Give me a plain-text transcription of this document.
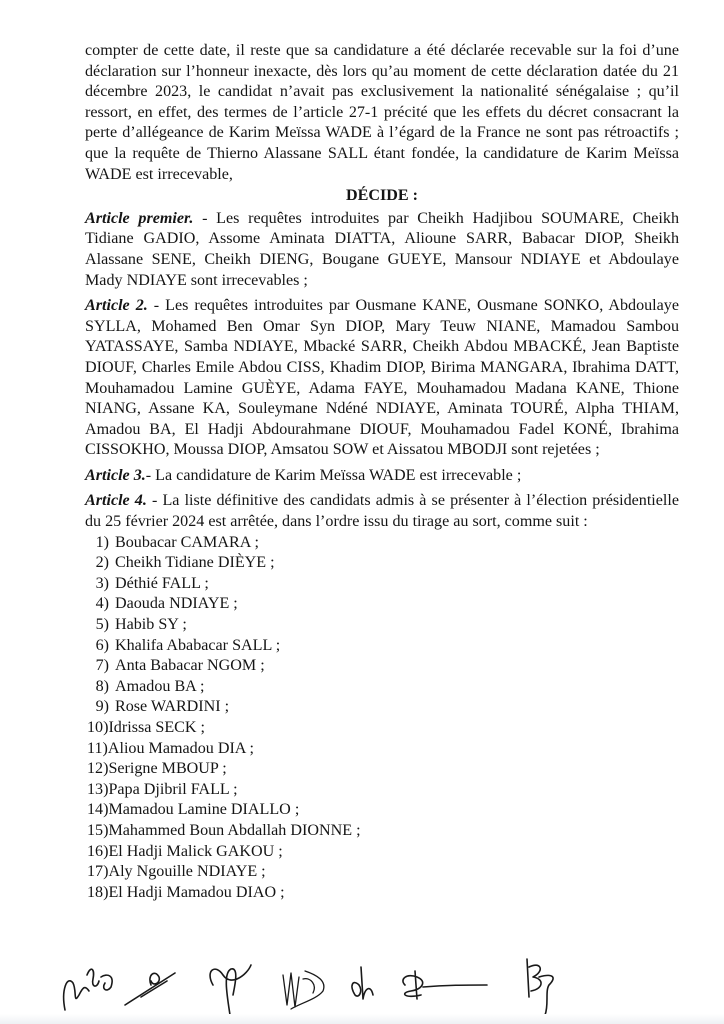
compter de cette date, il reste que sa candidature a été déclarée recevable sur la foi d’une déclaration sur l’honneur inexacte, dès lors qu’au moment de cette déclaration datée du 21 décembre 2023, le candidat n’avait pas exclusivement la nationalité sénégalaise ; qu’il ressort, en effet, des termes de l’article 27-1 précité que les effets du décret consacrant la perte d’allégeance de Karim Meïssa WADE à l’égard de la France ne sont pas rétroactifs ; que la requête de Thierno Alassane SALL étant fondée, la candidature de Karim Meïssa WADE est irrecevable,

DÉCIDE :

Article premier. - Les requêtes introduites par Cheikh Hadjibou SOUMARE, Cheikh Tidiane GADIO, Assome Aminata DIATTA, Alioune SARR, Babacar DIOP, Sheikh Alassane SENE, Cheikh DIENG, Bougane GUEYE, Mansour NDIAYE et Abdoulaye Mady NDIAYE sont irrecevables ;

Article 2. - Les requêtes introduites par Ousmane KANE, Ousmane SONKO, Abdoulaye SYLLA, Mohamed Ben Omar Syn DIOP, Mary Teuw NIANE, Mamadou Sambou YATASSAYE, Samba NDIAYE, Mbacké SARR, Cheikh Abdou MBACKÉ, Jean Baptiste DIOUF, Charles Emile Abdou CISS, Khadim DIOP, Birima MANGARA, Ibrahima DATT, Mouhamadou Lamine GUÈYE, Adama FAYE, Mouhamadou Madana KANE, Thione NIANG, Assane KA, Souleymane Ndéné NDIAYE, Aminata TOURÉ, Alpha THIAM, Amadou BA, El Hadji Abdourahmane DIOUF, Mouhamadou Fadel KONÉ, Ibrahima CISSOKHO, Moussa DIOP, Amsatou SOW et Aissatou MBODJI sont rejetées ;

Article 3.- La candidature de Karim Meïssa WADE est irrecevable ;

Article 4. - La liste définitive des candidats admis à se présenter à l’élection présidentielle du 25 février 2024 est arrêtée, dans l’ordre issu du tirage au sort, comme suit :

1) Boubacar CAMARA ;
2) Cheikh Tidiane DIÈYE ;
3) Déthié FALL ;
4) Daouda NDIAYE ;
5) Habib SY ;
6) Khalifa Ababacar SALL ;
7) Anta Babacar NGOM ;
8) Amadou BA ;
9) Rose WARDINI ;
10)Idrissa SECK ;
11)Aliou Mamadou DIA ;
12)Serigne MBOUP ;
13)Papa Djibril FALL ;
14)Mamadou Lamine DIALLO ;
15)Mahammed Boun Abdallah DIONNE ;
16)El Hadji Malick GAKOU ;
17)Aly Ngouille NDIAYE ;
18)El Hadji Mamadou DIAO ;
